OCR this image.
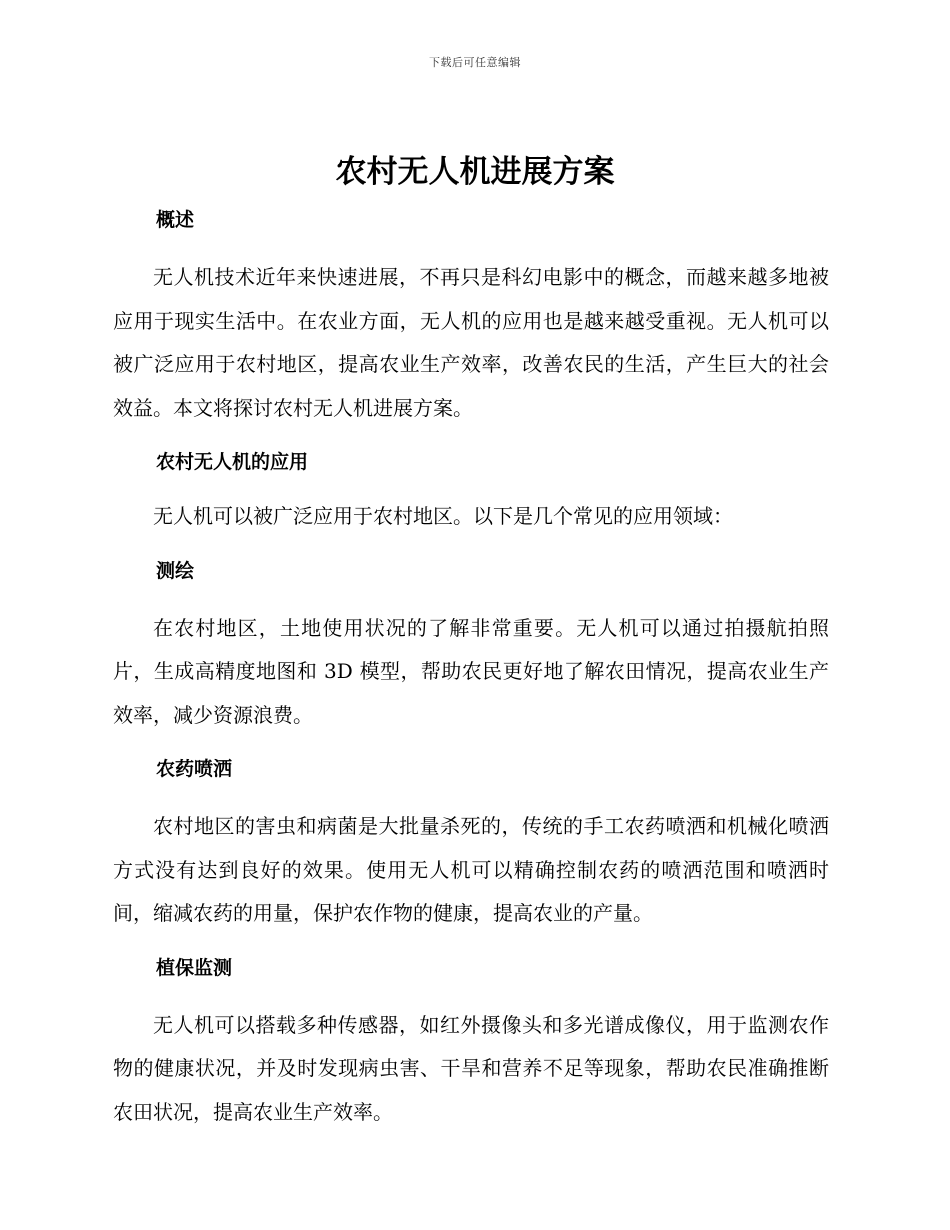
下载后可任意编辑
农村无人机进展方案
概述

无人机技术近年来快速进展，不再只是科幻电影中的概念，而越来越多地被应用于现实生活中。在农业方面，无人机的应用也是越来越受重视。无人机可以被广泛应用于农村地区，提高农业生产效率，改善农民的生活，产生巨大的社会效益。本文将探讨农村无人机进展方案。

农村无人机的应用

无人机可以被广泛应用于农村地区。以下是几个常见的应用领域：

测绘

在农村地区，土地使用状况的了解非常重要。无人机可以通过拍摄航拍照片，生成高精度地图和 3D 模型，帮助农民更好地了解农田情况，提高农业生产效率，减少资源浪费。

农药喷洒

农村地区的害虫和病菌是大批量杀死的，传统的手工农药喷洒和机械化喷洒方式没有达到良好的效果。使用无人机可以精确控制农药的喷洒范围和喷洒时间，缩减农药的用量，保护农作物的健康，提高农业的产量。

植保监测

无人机可以搭载多种传感器，如红外摄像头和多光谱成像仪，用于监测农作物的健康状况，并及时发现病虫害、干旱和营养不足等现象，帮助农民准确推断农田状况，提高农业生产效率。
